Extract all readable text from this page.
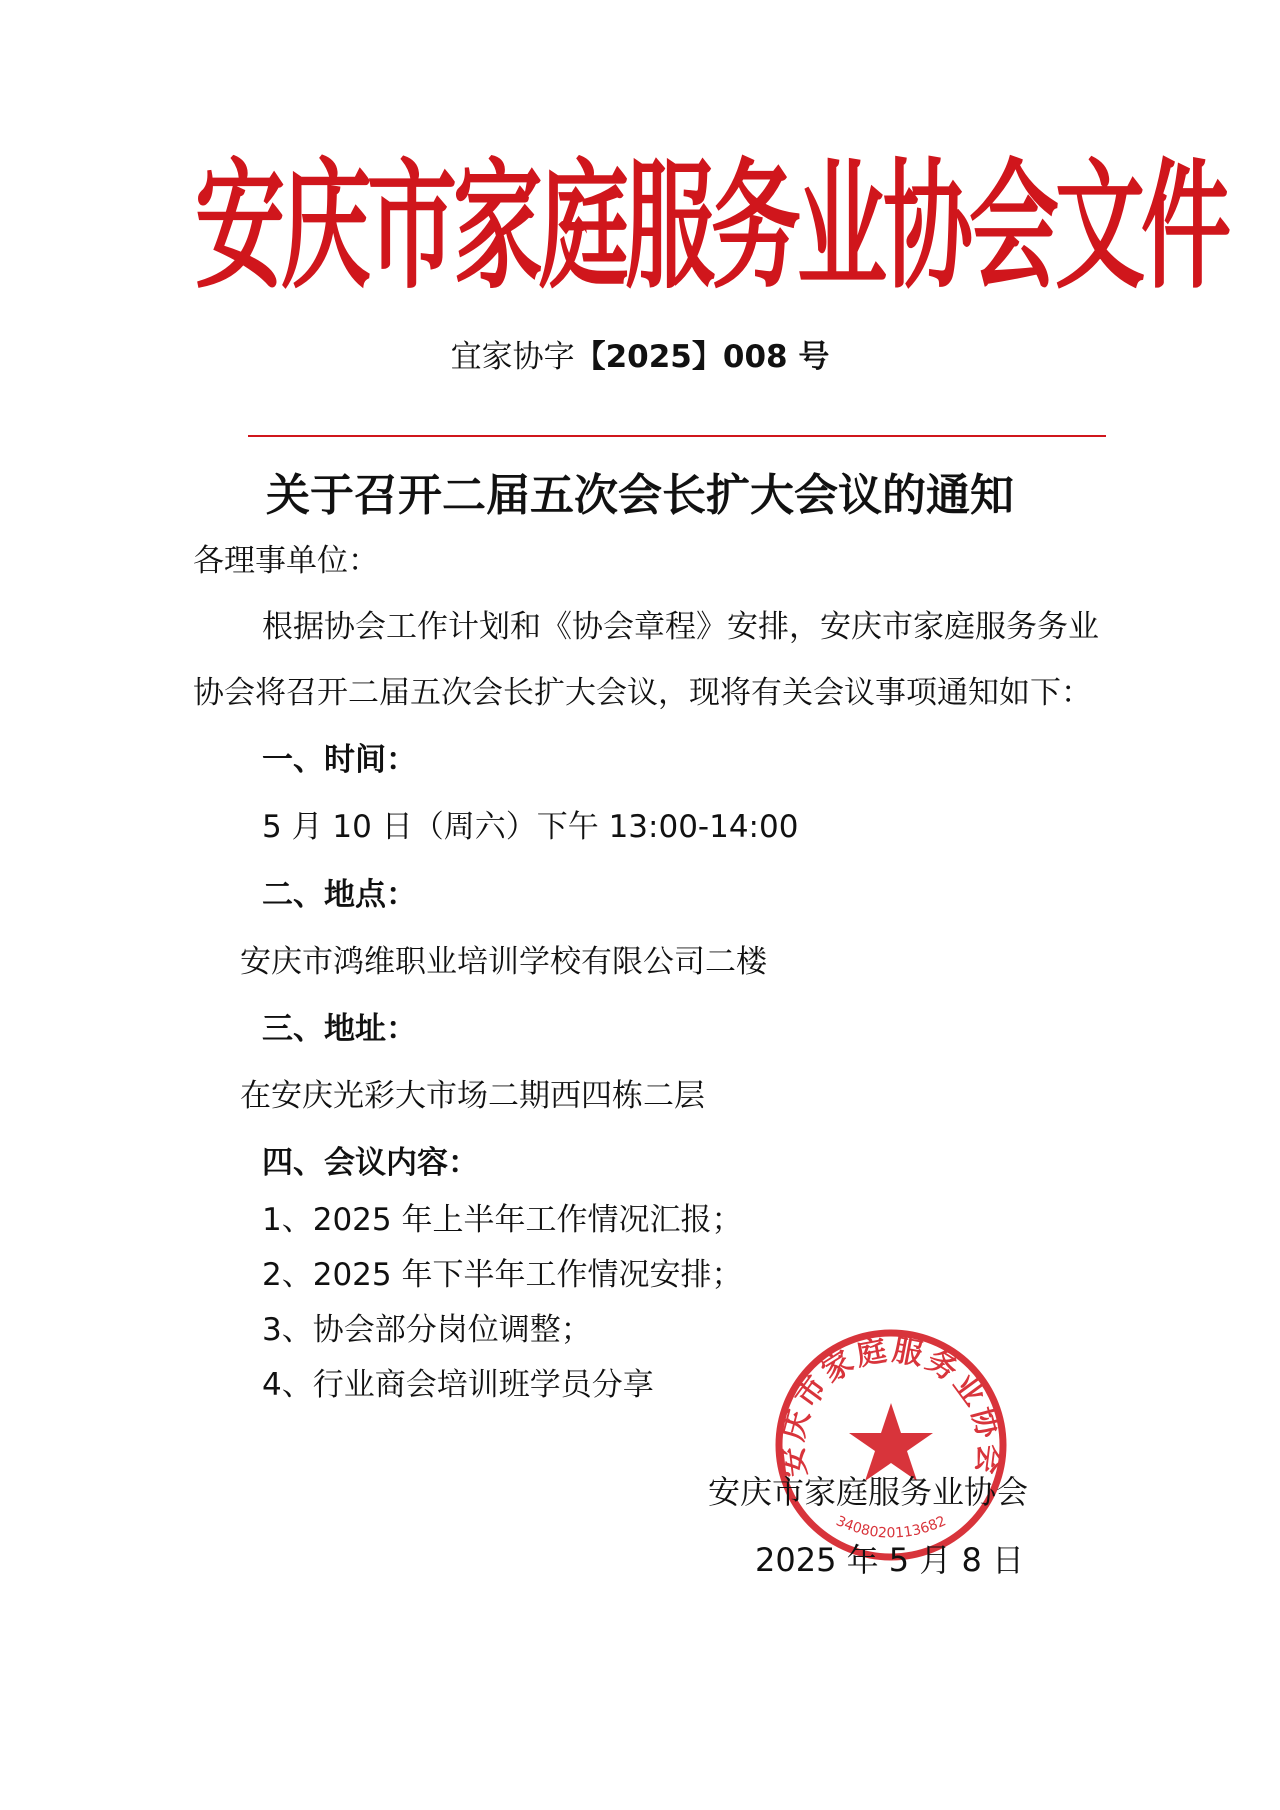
安庆市家庭服务业协会文件
宜家协字【2025】008 号
关于召开二届五次会长扩大会议的通知
各理事单位：
根据协会工作计划和《协会章程》安排，安庆市家庭服务务业
协会将召开二届五次会长扩大会议，现将有关会议事项通知如下：
一、时间：
5 月 10 日（周六）下午 13:00-14:00
二、地点：
安庆市鸿维职业培训学校有限公司二楼
三、地址：
在安庆光彩大市场二期西四栋二层
四、会议内容：
1、2025 年上半年工作情况汇报；
2、2025 年下半年工作情况安排；
3、协会部分岗位调整；
4、行业商会培训班学员分享
安庆市家庭服务业协会
3408020113682
安庆市家庭服务业协会
2025 年 5 月 8 日
